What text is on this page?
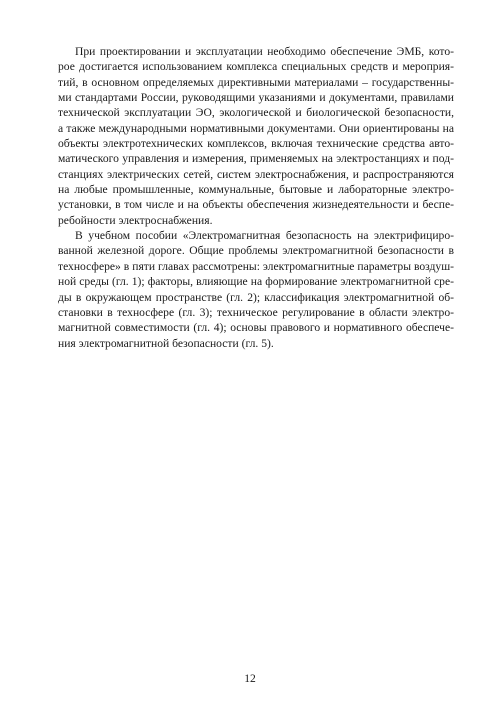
При проектировании и эксплуатации необходимо обеспечение ЭМБ, кото-
рое достигается использованием комплекса специальных средств и мероприя-
тий, в основном определяемых директивными материалами – государственны-
ми стандартами России, руководящими указаниями и документами, правилами
технической эксплуатации ЭО, экологической и биологической безопасности,
а также международными нормативными документами. Они ориентированы на
объекты электротехнических комплексов, включая технические средства авто-
матического управления и измерения, применяемых на электростанциях и под-
станциях электрических сетей, систем электроснабжения, и распространяются
на любые промышленные, коммунальные, бытовые и лабораторные электро-
установки, в том числе и на объекты обеспечения жизнедеятельности и беспе-
ребойности электроснабжения.
В учебном пособии «Электромагнитная безопасность на электрифициро-
ванной железной дороге. Общие проблемы электромагнитной безопасности в
техносфере» в пяти главах рассмотрены: электромагнитные параметры воздуш-
ной среды (гл. 1); факторы, влияющие на формирование электромагнитной сре-
ды в окружающем пространстве (гл. 2); классификация электромагнитной об-
становки в техносфере (гл. 3); техническое регулирование в области электро-
магнитной совместимости (гл. 4); основы правового и нормативного обеспече-
ния электромагнитной безопасности (гл. 5).
12
